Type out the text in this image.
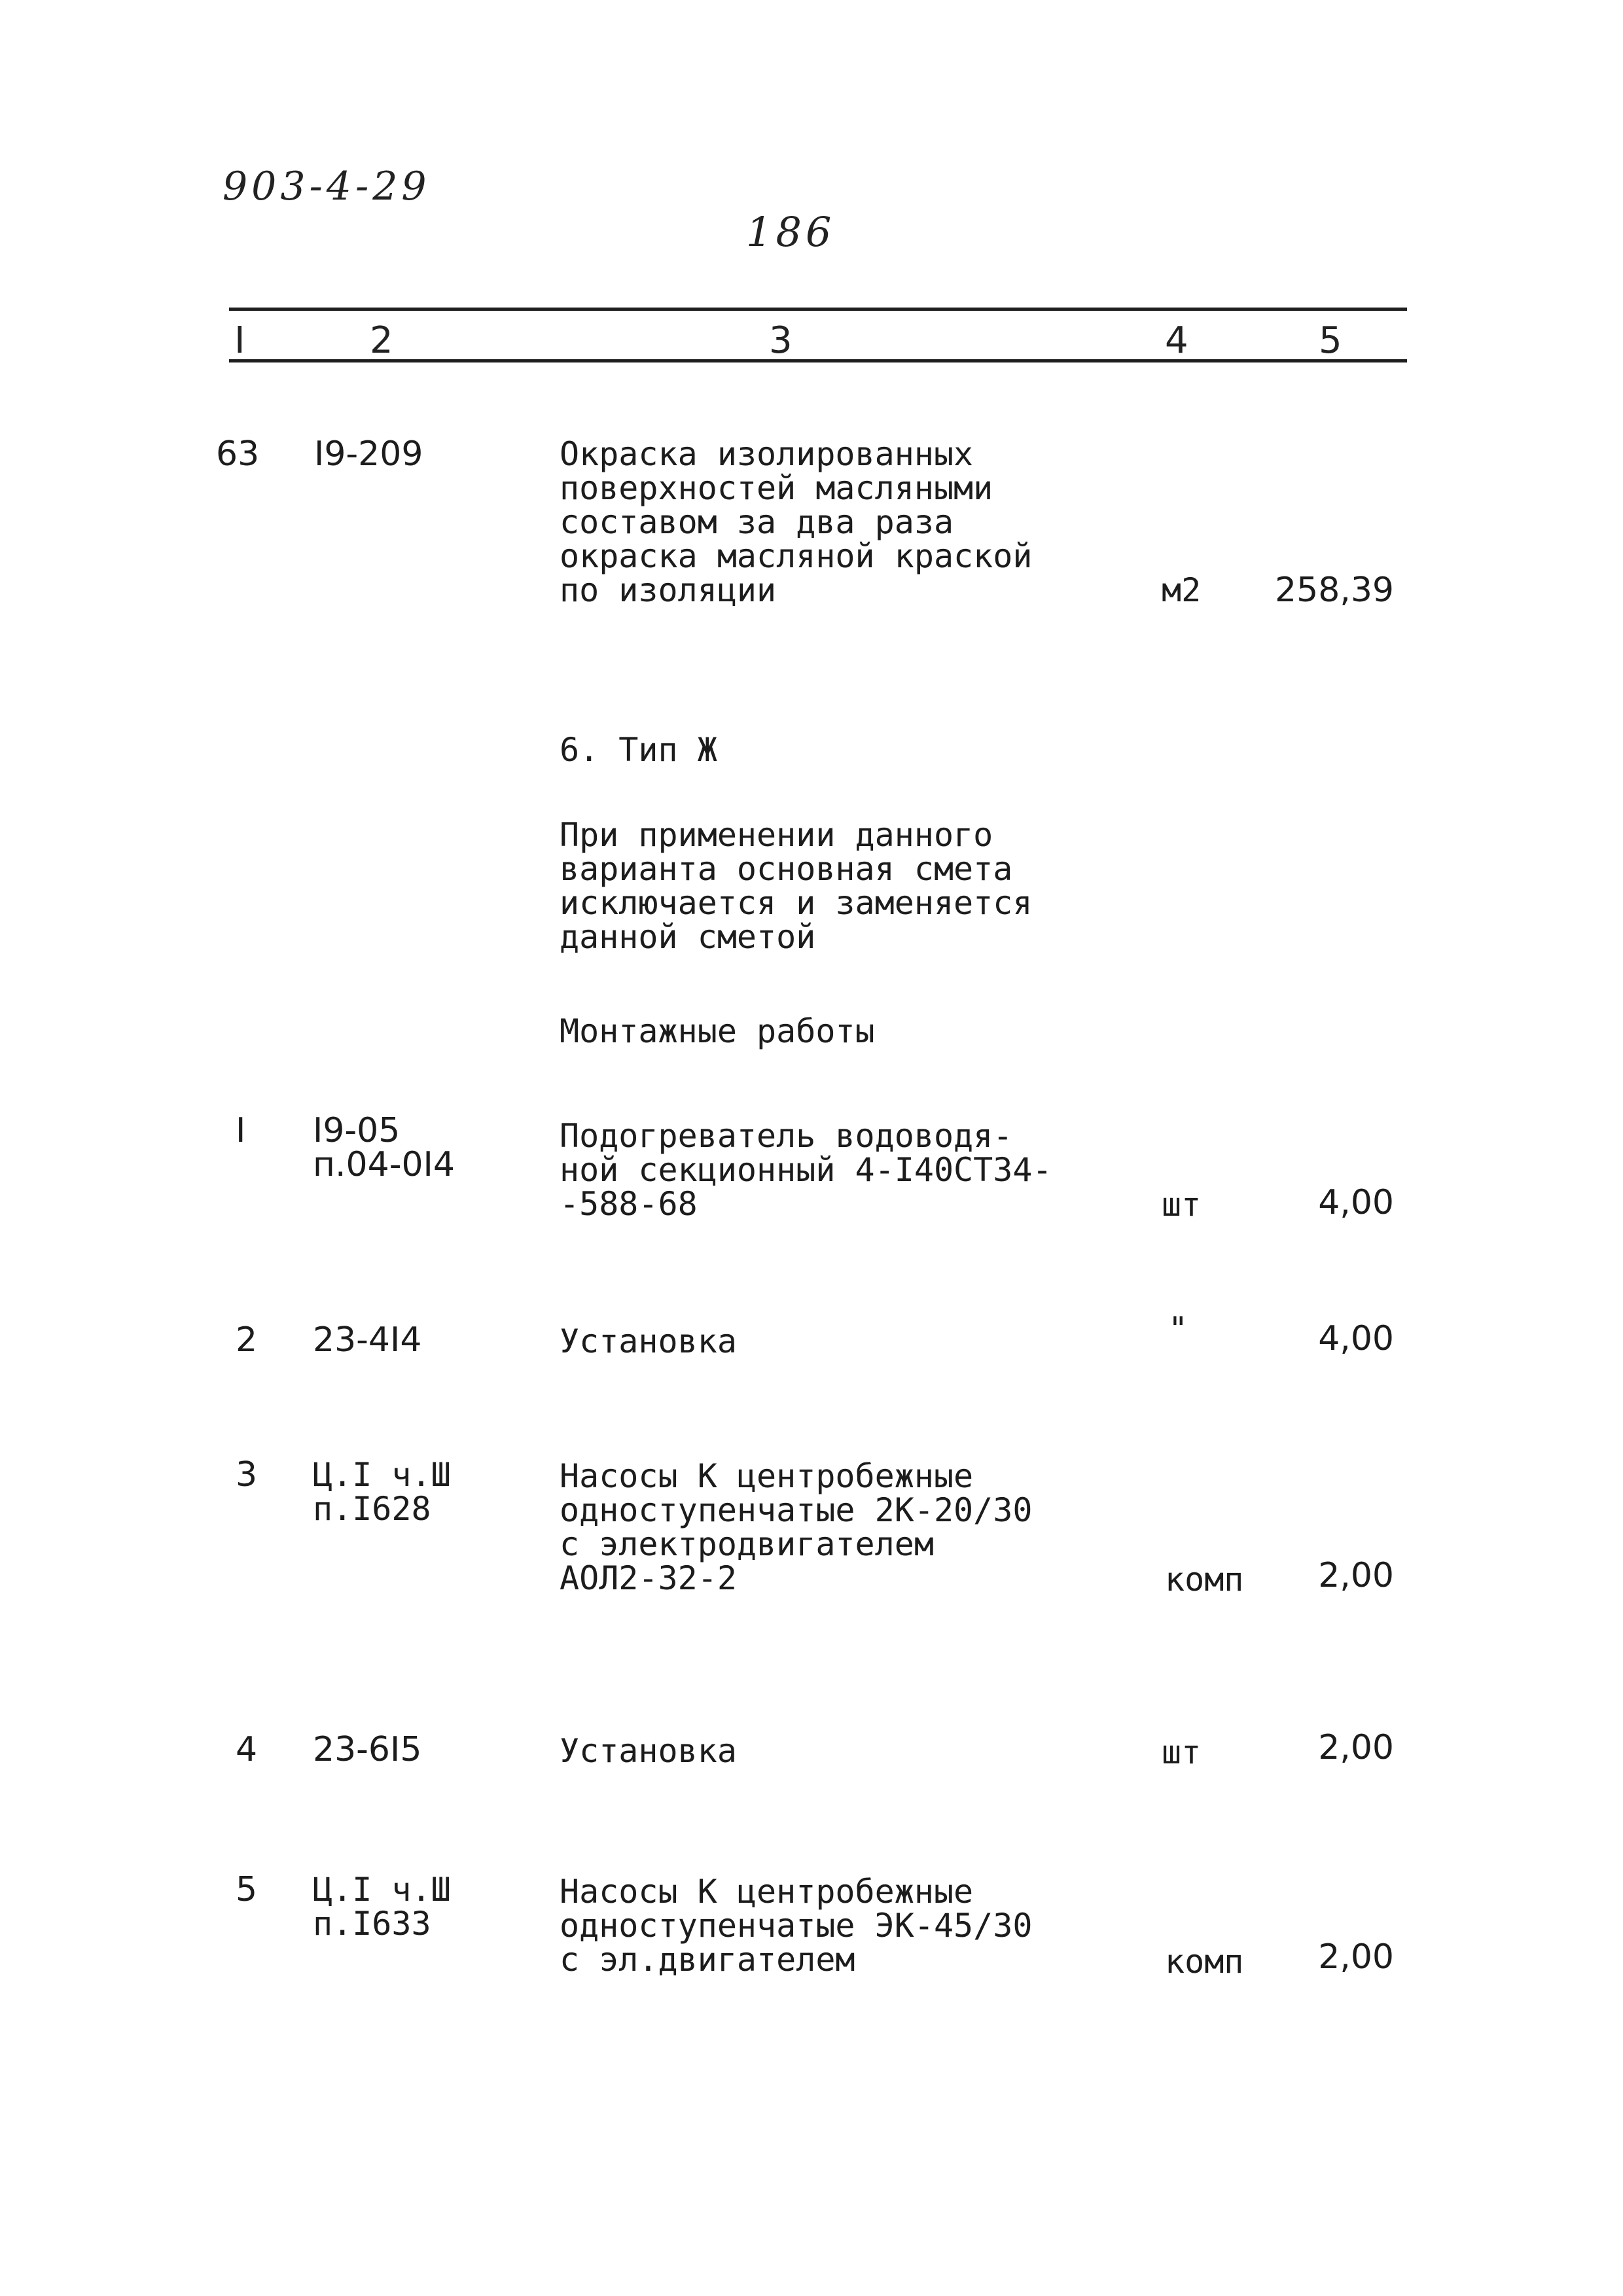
903-4-29
186
I	2	3	4	5
63 I9-209	Окраска изолированных
поверхностей масляными
составом за два раза
окраска масляной краской
по изоляции	м2	258,39
6. Тип Ж
При применении данного
варианта основная смета
исключается и заменяется
данной сметой
Монтажные работы
I I9-05
п.04-0I4
Подогреватель водоводя-
ной секционный 4-I40СТ34-
-588-68	шт	4,00
2 23-4I4	Установка	"	4,00
3 Ц.I ч.Ш
п.I628
Насосы К центробежные
одноступенчатые 2К-20/30
с электродвигателем
АОЛ2-32-2	комп	2,00
4 23-6I5	Установка	шт	2,00
5 Ц.I ч.Ш
п.I633
Насосы К центробежные
одноступенчатые ЭК-45/30
с эл.двигателем	комп	2,00
